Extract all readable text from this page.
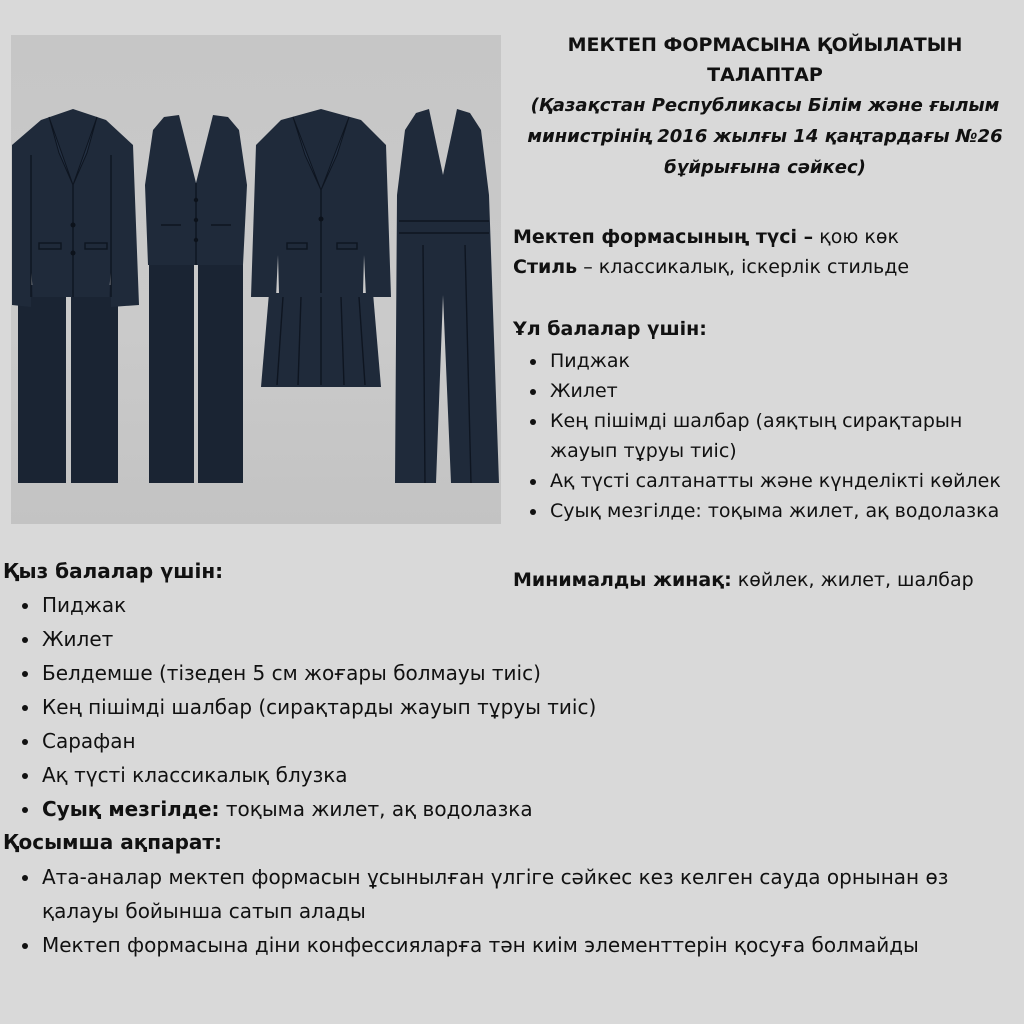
МЕКТЕП ФОРМАСЫНА ҚОЙЫЛАТЫН ТАЛАПТАР
(Қазақстан Республикасы Білім және ғылым министрінің 2016 жылғы 14 қаңтардағы №26 бұйрығына сәйкес)
Мектеп формасының түсі – қою көк
Стиль – классикалық, іскерлік стильде
Ұл балалар үшін:
Пиджак
Жилет
Кең пішімді шалбар (аяқтың сирақтарын жауып тұруы тиіс)
Ақ түсті салтанатты және күнделікті көйлек
Суық мезгілде: тоқыма жилет, ақ водолазка
Минималды жинақ: көйлек, жилет, шалбар
Қыз балалар үшін:
Пиджак
Жилет
Белдемше (тізеден 5 см жоғары болмауы тиіс)
Кең пішімді шалбар (сирақтарды жауып тұруы тиіс)
Сарафан
Ақ түсті классикалық блузка
Суық мезгілде: тоқыма жилет, ақ водолазка
Қосымша ақпарат:
Ата-аналар мектеп формасын ұсынылған үлгіге сәйкес кез келген сауда орнынан өз қалауы бойынша сатып алады
Мектеп формасына діни конфессияларға тән киім элементтерін қосуға болмайды
